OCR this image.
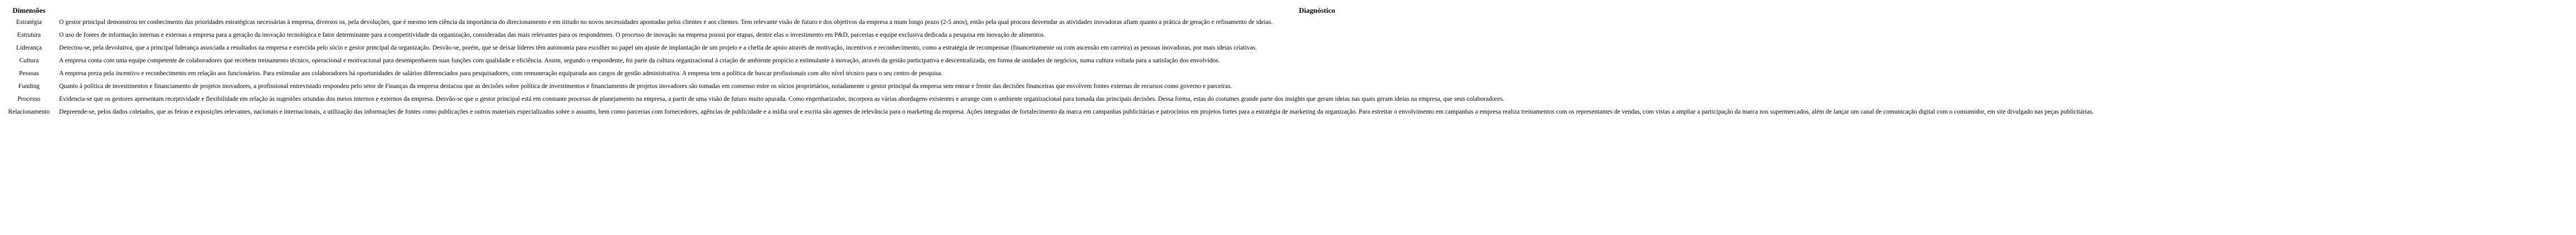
Dimensões	Diagnóstico
Estratégia	O gestor principal demonstrou ter conhecimento das prioridades estratégicas necessárias à empresa, diversos os, pela devoluções, que é mesmo tem ciência da importância do direcionamento e em ititudo no novos necessidades apontadas pelos clientes e aos clientes. Tem relevante visão de futuro e dos objetivos da empresa a mum longo prazo (2-5 anos), então pela qual procura desvendar as atividades inovadoras afiam quanto a prática de geração e refinamento de ideias.
Estrutura	O uso de fontes de informação internas e externas a empresa para a geração da inovação tecnológica e fator determinante para a competitividade da organização, consideradas das mais relevantes para os respondentes. O processo de inovação na empresa possui por etapas, dentre elas o investimento em P&D, parcerias e equipe exclusiva dedicada a pesquisa em inovação de alimentos.
Liderança	Detectou-se, pela devolutiva, que a principal liderança associada a resultados na empresa e exercida pelo sócio e gestor principal da organização. Desvão-se, porém, que se deixar líderes têm autonomia para escolher no papel um ajuste de implantação de um projeto e a chefia de apoio através de motivação, incentivos e reconhecimento, como a estratégia de recompensar (financeiramente ou com ascensão em carreira) as pessoas inovadoras, por mais ideias criativas.
Cultura	A empresa conta com uma equipe competente de colaboradores que recebem treinamento técnico, operacional e motivacional para desempenharem suas funções com qualidade e eficiência. Assim, segundo o respondente, foi parte da cultura organizacional à criação de ambiente propício e estimulante à inovação, através da gestão participativa e descentralizada, em forma de unidades de negócios, numa cultura voltada para a satisfação dos envolvidos.
Pessoas	A empresa preza pela incentivo e reconhecimento em relação aos funcionários. Para estimular aos colaboradores há oportunidades de salários diferenciados para pesquisadores, com remuneração equiparada aos cargos de gestão administrativa. A empresa tem a política de buscar profissionais com alto nível técnico para o seu centro de pesquisa.
Funding	Quanto à política de investimentos e financiamento de projetos inovadores, a profissional entrevistado respondeu pelo setor de Finanças da empresa destacou que as decisões sobre política de investimentos e financiamento de projetos inovadores são tomadas em consenso entre os sócios proprietários, notadamente o gestor principal da empresa sem entrar e frente das decisões financeiras que envolvem fontes externas de recursos como governo e parceiras.
Processo	Evidencia-se que os gestores apresentam receptividade e flexibilidade em relação às sugestões oriundas dos meios internos e externos da empresa. Desvão-se que o gestor principal está em constante processo de planejamento na empresa, a partir de uma visão de futuro muito apurada. Como engenharizador, incorpora as várias abordagens existentes e arrange com o ambiente organizacional para tomada das principais decisões. Dessa forma, estas do costumes grande parte dos insights que geram ideias nas quais geram ideias na empresa, que seus colaboradores.
Relacionamento	Depreende-se, pelos dados coletados, que as feiras e exposições relevantes, nacionais e internacionais, a utilização das informações de fontes como publicações e outros materiais especializados sobre o assunto, bem como parcerias com fornecedores, agências de publicidade e a mídia oral e escrita são agentes de relevância para o marketing da empresa. Ações integradas de fortalecimento da marca em campanhas publicitárias e patrocínios em projetos fortes para a estratégia de marketing da organização. Para estreitar o envolvimento em campanhas a empresa realiza treinamentos com os representantes de vendas, com vistas a ampliar a participação da marca nos supermercados, além de lançar um canal de comunicação digital com o consumidor, em site divulgado nas peças publicitárias.
